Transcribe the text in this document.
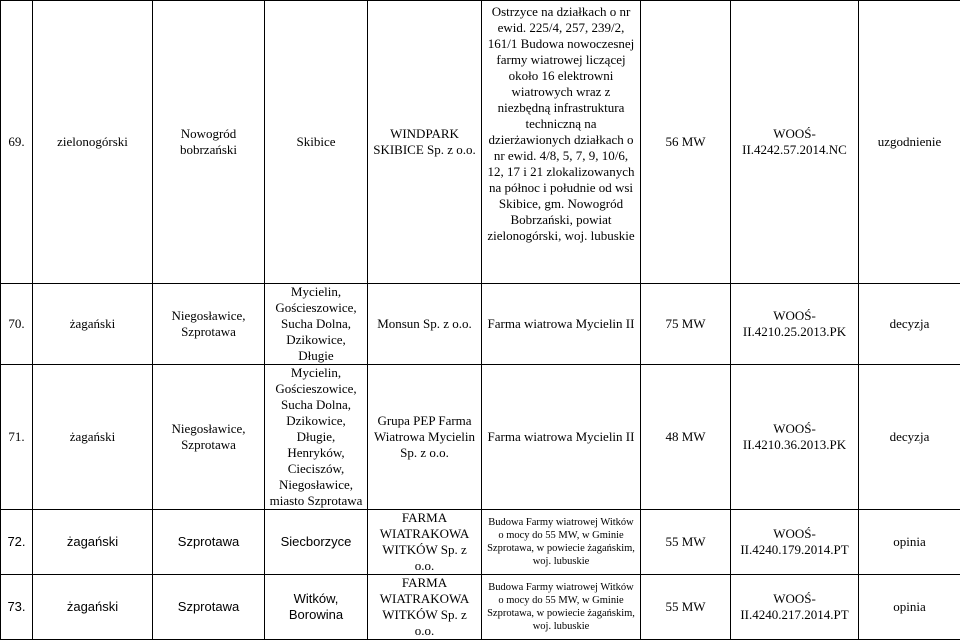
69.	zielonogórski	Nowogród bobrzański	Skibice	WINDPARK SKIBICE Sp. z o.o.	Ostrzyce na działkach o nr ewid. 225/4, 257, 239/2, 161/1 Budowa nowoczesnej farmy wiatrowej liczącej około 16 elektrowni wiatrowych wraz z niezbędną infrastruktura techniczną na dzierżawionych działkach o nr ewid. 4/8, 5, 7, 9, 10/6, 12, 17 i 21 zlokalizowanych na północ i południe od wsi Skibice, gm. Nowogród Bobrzański, powiat zielonogórski, woj. lubuskie	56 MW	WOOŚ-II.4242.57.2014.NC	uzgodnienie
70.	żagański	Niegosławice, Szprotawa	Mycielin, Gościeszowice, Sucha Dolna, Dzikowice, Długie	Monsun Sp. z o.o.	Farma wiatrowa Mycielin II	75 MW	WOOŚ-II.4210.25.2013.PK	decyzja
71.	żagański	Niegosławice, Szprotawa	Mycielin, Gościeszowice, Sucha Dolna, Dzikowice, Długie, Henryków, Cieciszów, Niegosławice, miasto Szprotawa	Grupa PEP Farma Wiatrowa Mycielin Sp. z o.o.	Farma wiatrowa Mycielin II	48 MW	WOOŚ-II.4210.36.2013.PK	decyzja
72.	żagański	Szprotawa	Siecborzyce	FARMA WIATRAKOWA WITKÓW Sp. z o.o.	Budowa Farmy wiatrowej Witków o mocy do 55 MW, w Gminie Szprotawa, w powiecie żagańskim, woj. lubuskie	55 MW	WOOŚ-II.4240.179.2014.PT	opinia
73.	żagański	Szprotawa	Witków, Borowina	FARMA WIATRAKOWA WITKÓW Sp. z o.o.	Budowa Farmy wiatrowej Witków o mocy do 55 MW, w Gminie Szprotawa, w powiecie żagańskim, woj. lubuskie	55 MW	WOOŚ-II.4240.217.2014.PT	opinia
